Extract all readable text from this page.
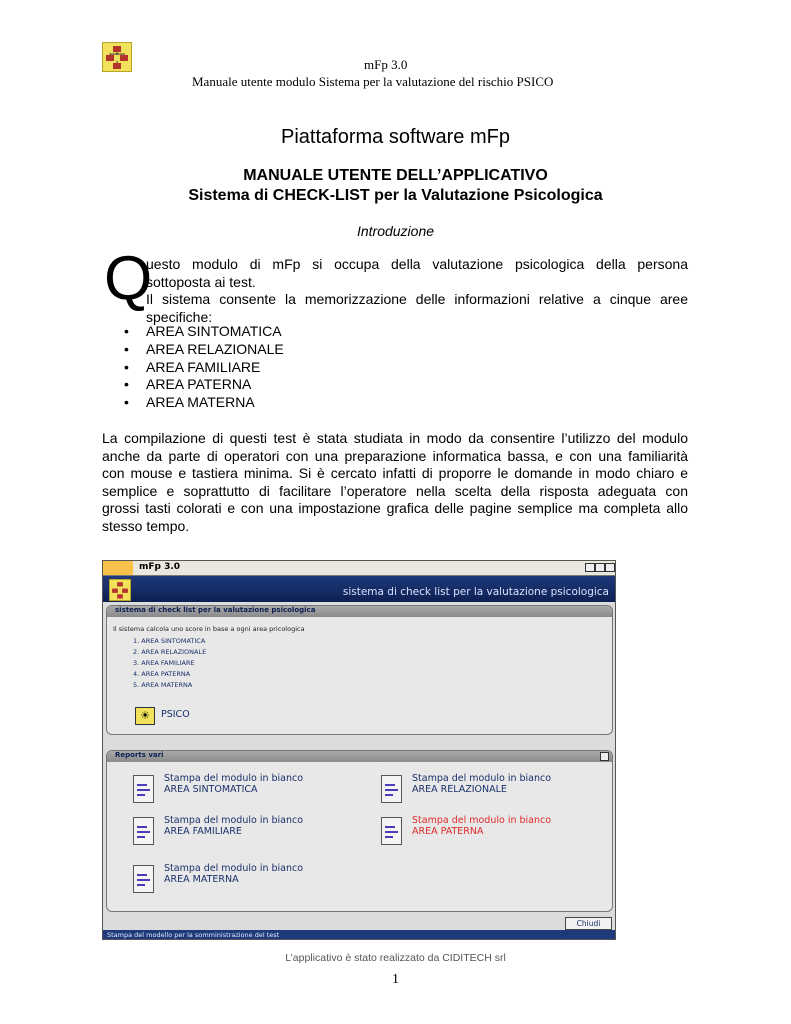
mFp 3.0
Manuale utente modulo Sistema per la valutazione del rischio PSICO
Piattaforma software mFp
MANUALE UTENTE DELL’APPLICATIVO
Sistema di CHECK-LIST per la Valutazione Psicologica
Introduzione
Q
uesto modulo di mFp si occupa della valutazione psicologica della persona
sottoposta ai test.
Il sistema consente la memorizzazione delle informazioni relative a cinque aree
specifiche:
• AREA SINTOMATICA
• AREA RELAZIONALE
• AREA FAMILIARE
• AREA PATERNA
• AREA MATERNA
La compilazione di questi test è stata studiata in modo da consentire l’utilizzo del modulo
anche da parte di operatori con una preparazione informatica bassa, e con una familiarità
con mouse e tastiera minima. Si è cercato infatti di proporre le domande in modo chiaro e
semplice e soprattutto di facilitare l’operatore nella scelta della risposta adeguata con
grossi tasti colorati e con una impostazione grafica delle pagine semplice ma completa allo
stesso tempo.
mFp 3.0
sistema di check list per la valutazione psicologica
sistema di check list per la valutazione psicologica
Il sistema calcola uno score in base a ogni area pricologica
1. AREA SINTOMATICA
2. AREA RELAZIONALE
3. AREA FAMILIARE
4. AREA PATERNA
5. AREA MATERNA
☀	PSICO
Reports vari
Stampa del modulo in bianco
AREA SINTOMATICA
Stampa del modulo in bianco
AREA RELAZIONALE
Stampa del modulo in bianco
AREA FAMILIARE
Stampa del modulo in bianco
AREA PATERNA
Stampa del modulo in bianco
AREA MATERNA
Chiudi
Stampa del modello per la somministrazione del test
L’applicativo è stato realizzato da CIDITECH srl
1
